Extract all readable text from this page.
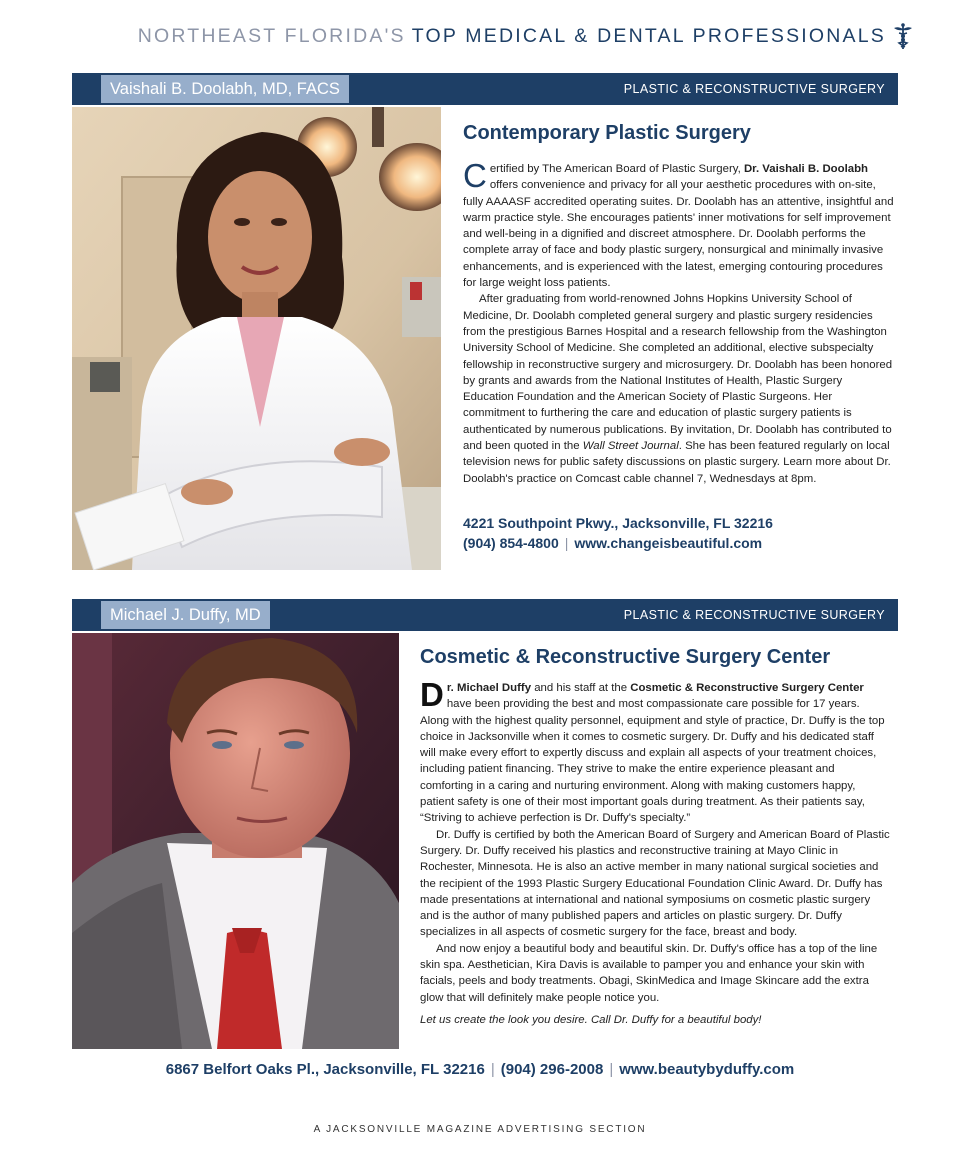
NORTHEAST FLORIDA'S TOP MEDICAL & DENTAL PROFESSIONALS
Vaishali B. Doolabh, MD, FACS	PLASTIC & RECONSTRUCTIVE SURGERY
Contemporary Plastic Surgery

Certified by The American Board of Plastic Surgery, Dr. Vaishali B. Doolabh offers convenience and privacy for all your aesthetic procedures with on-site, fully AAAASF accredited operating suites. Dr. Doolabh has an attentive, insightful and warm practice style. She encourages patients' inner motivations for self improvement and well-being in a dignified and discreet atmosphere. Dr. Doolabh performs the complete array of face and body plastic surgery, nonsurgical and minimally invasive enhancements, and is experienced with the latest, emerging contouring procedures for large weight loss patients.

After graduating from world-renowned Johns Hopkins University School of Medicine, Dr. Doolabh completed general surgery and plastic surgery residencies from the prestigious Barnes Hospital and a research fellowship from the Washington University School of Medicine. She completed an additional, elective subspecialty fellowship in reconstructive surgery and microsurgery. Dr. Doolabh has been honored by grants and awards from the National Institutes of Health, Plastic Surgery Education Foundation and the American Society of Plastic Surgeons. Her commitment to furthering the care and education of plastic surgery patients is authenticated by numerous publications. By invitation, Dr. Doolabh has contributed to and been quoted in the Wall Street Journal. She has been featured regularly on local television news for public safety discussions on plastic surgery. Learn more about Dr. Doolabh's practice on Comcast cable channel 7, Wednesdays at 8pm.

4221 Southpoint Pkwy., Jacksonville, FL 32216
(904) 854-4800 | www.changeisbeautiful.com
Michael J. Duffy, MD	PLASTIC & RECONSTRUCTIVE SURGERY
Cosmetic & Reconstructive Surgery Center

Dr. Michael Duffy and his staff at the Cosmetic & Reconstructive Surgery Center have been providing the best and most compassionate care possible for 17 years. Along with the highest quality personnel, equipment and style of practice, Dr. Duffy is the top choice in Jacksonville when it comes to cosmetic surgery. Dr. Duffy and his dedicated staff will make every effort to expertly discuss and explain all aspects of your treatment choices, including patient financing. They strive to make the entire experience pleasant and comforting in a caring and nurturing environment. Along with making customers happy, patient safety is one of their most important goals during treatment. As their patients say, “Striving to achieve perfection is Dr. Duffy's specialty.”

Dr. Duffy is certified by both the American Board of Surgery and American Board of Plastic Surgery. Dr. Duffy received his plastics and reconstructive training at Mayo Clinic in Rochester, Minnesota. He is also an active member in many national surgical societies and the recipient of the 1993 Plastic Surgery Educational Foundation Clinic Award. Dr. Duffy has made presentations at international and national symposiums on cosmetic plastic surgery and is the author of many published papers and articles on plastic surgery. Dr. Duffy specializes in all aspects of cosmetic surgery for the face, breast and body.

And now enjoy a beautiful body and beautiful skin. Dr. Duffy's office has a top of the line skin spa. Aesthetician, Kira Davis is available to pamper you and enhance your skin with facials, peels and body treatments. Obagi, SkinMedica and Image Skincare add the extra glow that will definitely make people notice you.

Let us create the look you desire. Call Dr. Duffy for a beautiful body!

6867 Belfort Oaks Pl., Jacksonville, FL 32216 | (904) 296-2008 | www.beautybyduffy.com
A JACKSONVILLE MAGAZINE ADVERTISING SECTION
